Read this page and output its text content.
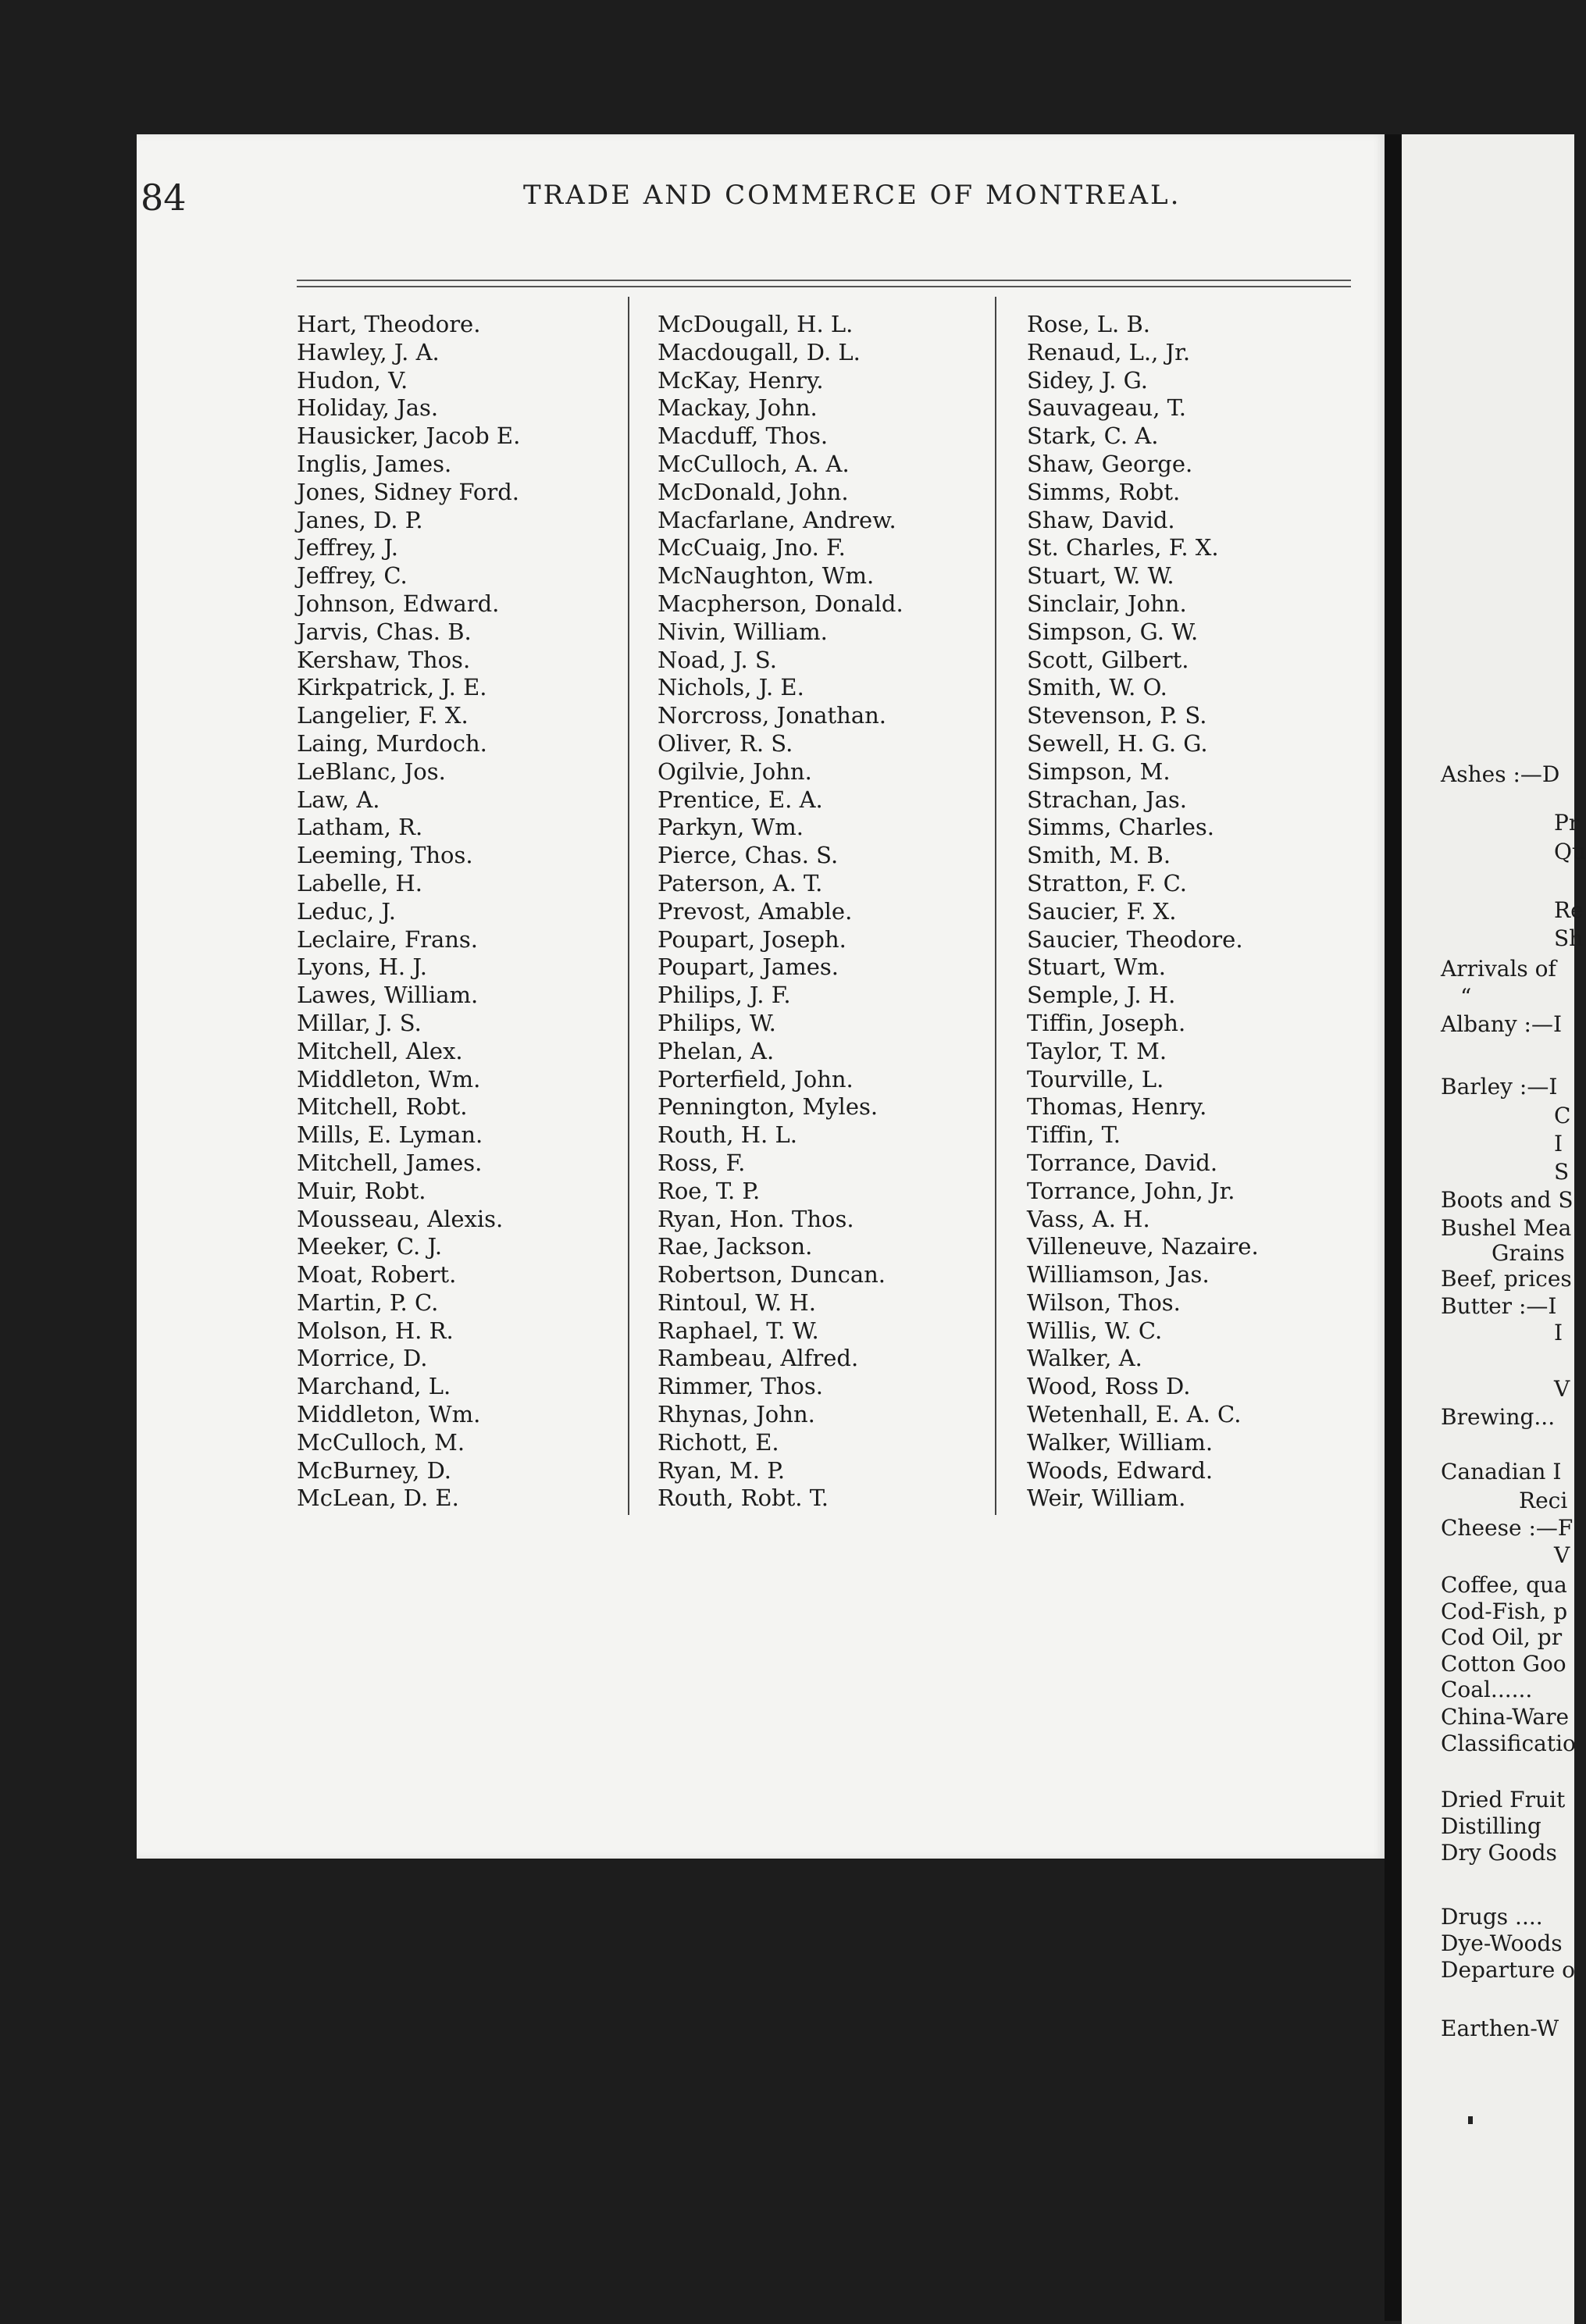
84	TRADE AND COMMERCE OF MONTREAL.
Hart, Theodore.
Hawley, J. A.
Hudon, V.
Holiday, Jas.
Hausicker, Jacob E.
Inglis, James.
Jones, Sidney Ford.
Janes, D. P.
Jeffrey, J.
Jeffrey, C.
Johnson, Edward.
Jarvis, Chas. B.
Kershaw, Thos.
Kirkpatrick, J. E.
Langelier, F. X.
Laing, Murdoch.
LeBlanc, Jos.
Law, A.
Latham, R.
Leeming, Thos.
Labelle, H.
Leduc, J.
Leclaire, Frans.
Lyons, H. J.
Lawes, William.
Millar, J. S.
Mitchell, Alex.
Middleton, Wm.
Mitchell, Robt.
Mills, E. Lyman.
Mitchell, James.
Muir, Robt.
Mousseau, Alexis.
Meeker, C. J.
Moat, Robert.
Martin, P. C.
Molson, H. R.
Morrice, D.
Marchand, L.
Middleton, Wm.
McCulloch, M.
McBurney, D.
McLean, D. E.
McDougall, H. L.
Macdougall, D. L.
McKay, Henry.
Mackay, John.
Macduff, Thos.
McCulloch, A. A.
McDonald, John.
Macfarlane, Andrew.
McCuaig, Jno. F.
McNaughton, Wm.
Macpherson, Donald.
Nivin, William.
Noad, J. S.
Nichols, J. E.
Norcross, Jonathan.
Oliver, R. S.
Ogilvie, John.
Prentice, E. A.
Parkyn, Wm.
Pierce, Chas. S.
Paterson, A. T.
Prevost, Amable.
Poupart, Joseph.
Poupart, James.
Philips, J. F.
Philips, W.
Phelan, A.
Porterfield, John.
Pennington, Myles.
Routh, H. L.
Ross, F.
Roe, T. P.
Ryan, Hon. Thos.
Rae, Jackson.
Robertson, Duncan.
Rintoul, W. H.
Raphael, T. W.
Rambeau, Alfred.
Rimmer, Thos.
Rhynas, John.
Richott, E.
Ryan, M. P.
Routh, Robt. T.
Rose, L. B.
Renaud, L., Jr.
Sidey, J. G.
Sauvageau, T.
Stark, C. A.
Shaw, George.
Simms, Robt.
Shaw, David.
St. Charles, F. X.
Stuart, W. W.
Sinclair, John.
Simpson, G. W.
Scott, Gilbert.
Smith, W. O.
Stevenson, P. S.
Sewell, H. G. G.
Simpson, M.
Strachan, Jas.
Simms, Charles.
Smith, M. B.
Stratton, F. C.
Saucier, F. X.
Saucier, Theodore.
Stuart, Wm.
Semple, J. H.
Tiffin, Joseph.
Taylor, T. M.
Tourville, L.
Thomas, Henry.
Tiffin, T.
Torrance, David.
Torrance, John, Jr.
Vass, A. H.
Villeneuve, Nazaire.
Williamson, Jas.
Wilson, Thos.
Willis, W. C.
Walker, A.
Wood, Ross D.
Wetenhall, E. A. C.
Walker, William.
Woods, Edward.
Weir, William.
Ashes :—D
Pr
Qu
Re
Sh
Arrivals of
“
Albany :—I
Barley :—I
C
I
S
Boots and S
Bushel Mea
Grains
Beef, prices
Butter :—I
I
V
Brewing...
Canadian I
Reci
Cheese :—F
V
Coffee, qua
Cod-Fish, p
Cod Oil, pr
Cotton Goo
Coal......
China-Ware
Classificatio
Dried Fruit
Distilling
Dry Goods
Drugs ....
Dye-Woods
Departure o
Earthen-W
